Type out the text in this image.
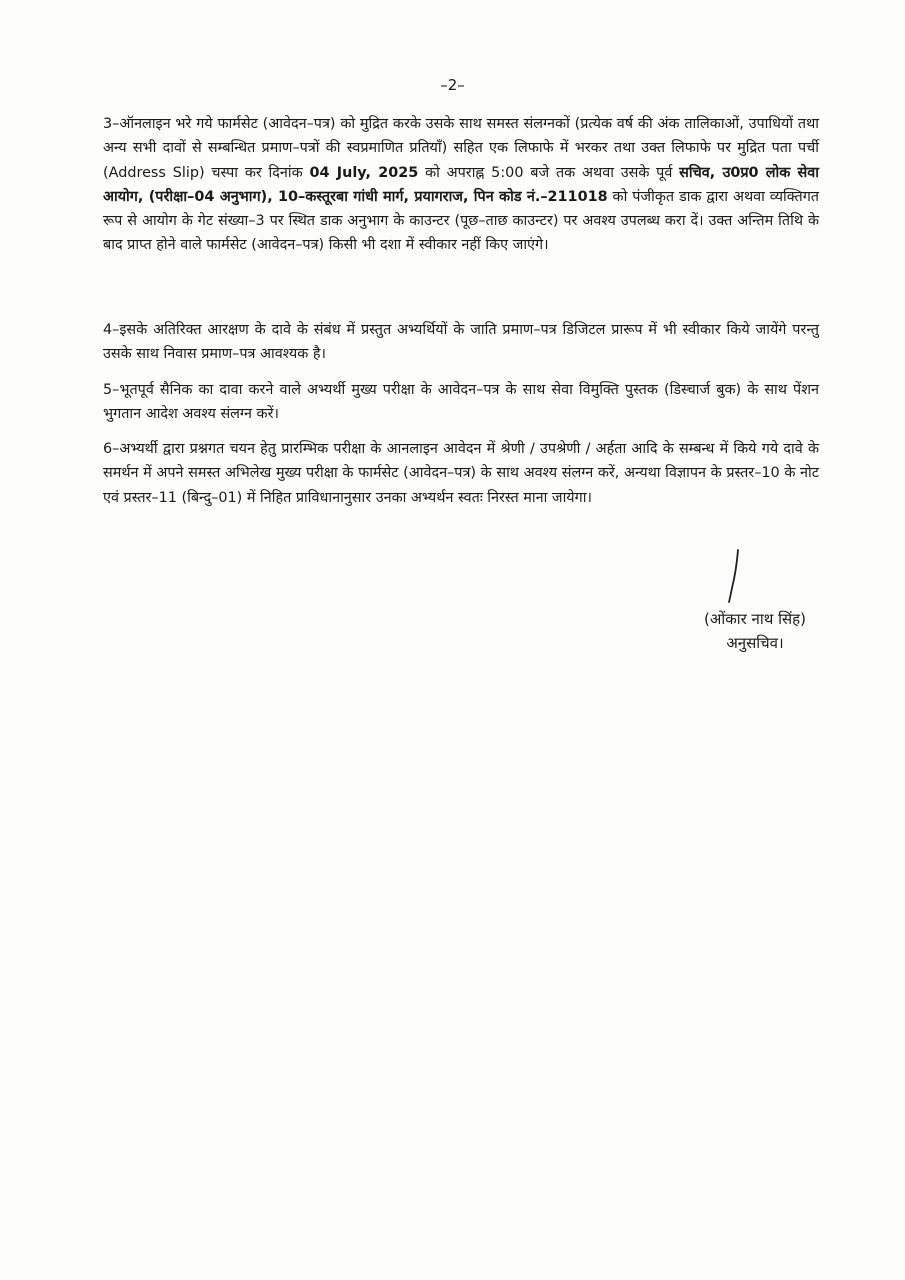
–2–

3–ऑनलाइन भरे गये फार्मसेट (आवेदन–पत्र) को मुद्रित करके उसके साथ समस्त संलग्नकों (प्रत्येक वर्ष की अंक तालिकाओं, उपाधियों तथा अन्य सभी दावों से सम्बन्धित प्रमाण–पत्रों की स्वप्रमाणित प्रतियाँ) सहित एक लिफाफे में भरकर तथा उक्त लिफाफे पर मुद्रित पता पर्ची (Address Slip) चस्पा कर दिनांक 04 July, 2025 को अपराह्न 5:00 बजे तक अथवा उसके पूर्व सचिव, उ0प्र0 लोक सेवा आयोग, (परीक्षा–04 अनुभाग), 10–कस्तूरबा गांधी मार्ग, प्रयागराज, पिन कोड नं.–211018 को पंजीकृत डाक द्वारा अथवा व्यक्तिगत रूप से आयोग के गेट संख्या–3 पर स्थित डाक अनुभाग के काउन्टर (पूछ–ताछ काउन्टर) पर अवश्य उपलब्ध करा दें। उक्त अन्तिम तिथि के बाद प्राप्त होने वाले फार्मसेट (आवेदन–पत्र) किसी भी दशा में स्वीकार नहीं किए जाएंगे।

4–इसके अतिरिक्त आरक्षण के दावे के संबंध में प्रस्तुत अभ्यर्थियों के जाति प्रमाण–पत्र डिजिटल प्रारूप में भी स्वीकार किये जायेंगे परन्तु उसके साथ निवास प्रमाण–पत्र आवश्यक है।

5–भूतपूर्व सैनिक का दावा करने वाले अभ्यर्थी मुख्य परीक्षा के आवेदन–पत्र के साथ सेवा विमुक्ति पुस्तक (डिस्चार्ज बुक) के साथ पेंशन भुगतान आदेश अवश्य संलग्न करें।

6–अभ्यर्थी द्वारा प्रश्नगत चयन हेतु प्रारम्भिक परीक्षा के आनलाइन आवेदन में श्रेणी / उपश्रेणी / अर्हता आदि के सम्बन्ध में किये गये दावे के समर्थन में अपने समस्त अभिलेख मुख्य परीक्षा के फार्मसेट (आवेदन–पत्र) के साथ अवश्य संलग्न करें, अन्यथा विज्ञापन के प्रस्तर–10 के नोट एवं प्रस्तर–11 (बिन्दु–01) में निहित प्राविधानानुसार उनका अभ्यर्थन स्वतः निरस्त माना जायेगा।

(ओंकार नाथ सिंह)
अनुसचिव।
